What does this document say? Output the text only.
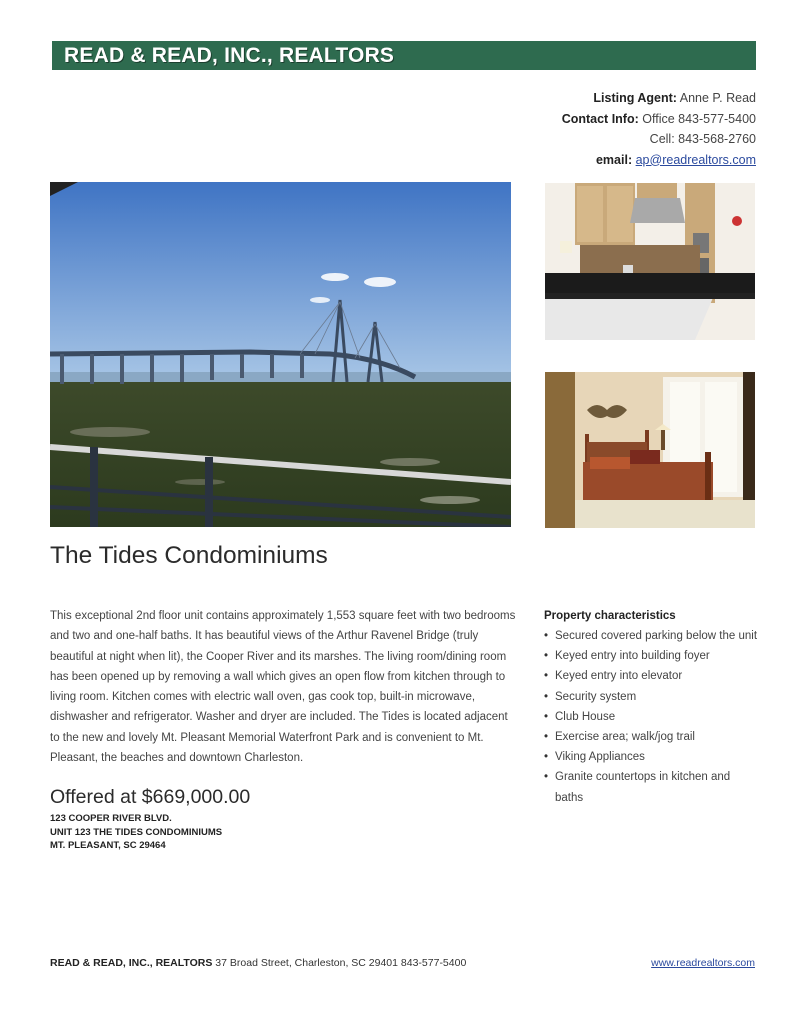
READ & READ, INC., REALTORS
Listing Agent: Anne P. Read
Contact Info: Office 843-577-5400
Cell: 843-568-2760
email: ap@readrealtors.com
The Tides Condominiums
This exceptional 2nd floor unit contains approximately 1,553 square feet with two bedrooms and two and one-half baths. It has beautiful views of the Arthur Ravenel Bridge (truly beautiful at night when lit), the Cooper River and its marshes. The living room/dining room has been opened up by removing a wall which gives an open flow from kitchen through to living room. Kitchen comes with electric wall oven, gas cook top, built-in microwave, dishwasher and refrigerator. Washer and dryer are included. The Tides is located adjacent to the new and lovely Mt. Pleasant Memorial Waterfront Park and is convenient to Mt. Pleasant, the beaches and downtown Charleston.
Property characteristics
• Secured covered parking below the unit
• Keyed entry into building foyer
• Keyed entry into elevator
• Security system
• Club House
• Exercise area; walk/jog trail
• Viking Appliances
• Granite countertops in kitchen and baths
Offered at $669,000.00
123 COOPER RIVER BLVD.
UNIT 123 THE TIDES CONDOMINIUMS
MT. PLEASANT, SC 29464
READ & READ, INC., REALTORS 37 Broad Street, Charleston, SC 29401 843-577-5400	www.readrealtors.com
